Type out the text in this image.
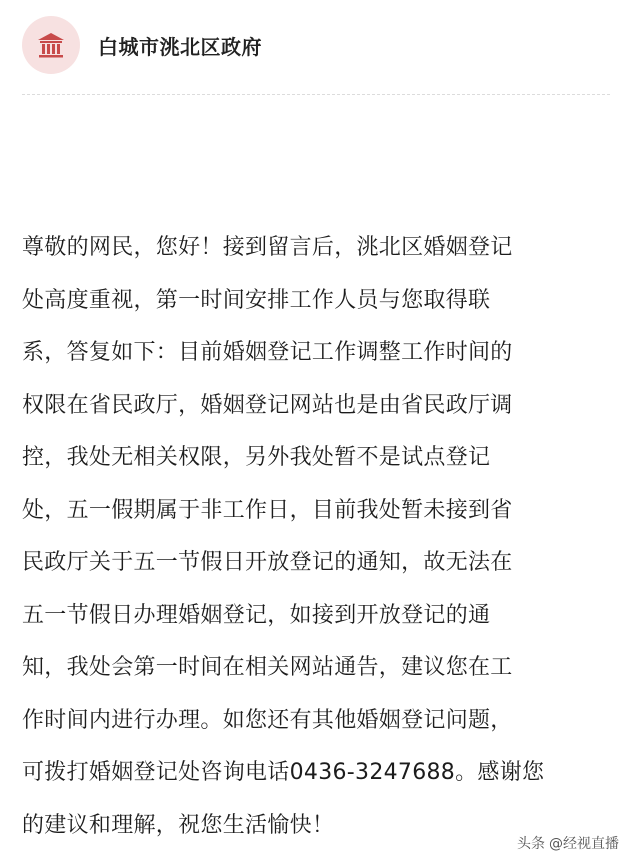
白城市洮北区政府
尊敬的网民，您好！接到留言后，洮北区婚姻登记
处高度重视，第一时间安排工作人员与您取得联
系，答复如下：目前婚姻登记工作调整工作时间的
权限在省民政厅，婚姻登记网站也是由省民政厅调
控，我处无相关权限，另外我处暂不是试点登记
处，五一假期属于非工作日，目前我处暂未接到省
民政厅关于五一节假日开放登记的通知，故无法在
五一节假日办理婚姻登记，如接到开放登记的通
知，我处会第一时间在相关网站通告，建议您在工
作时间内进行办理。如您还有其他婚姻登记问题，
可拨打婚姻登记处咨询电话0436-3247688。感谢您
的建议和理解，祝您生活愉快！
头条 @经视直播
